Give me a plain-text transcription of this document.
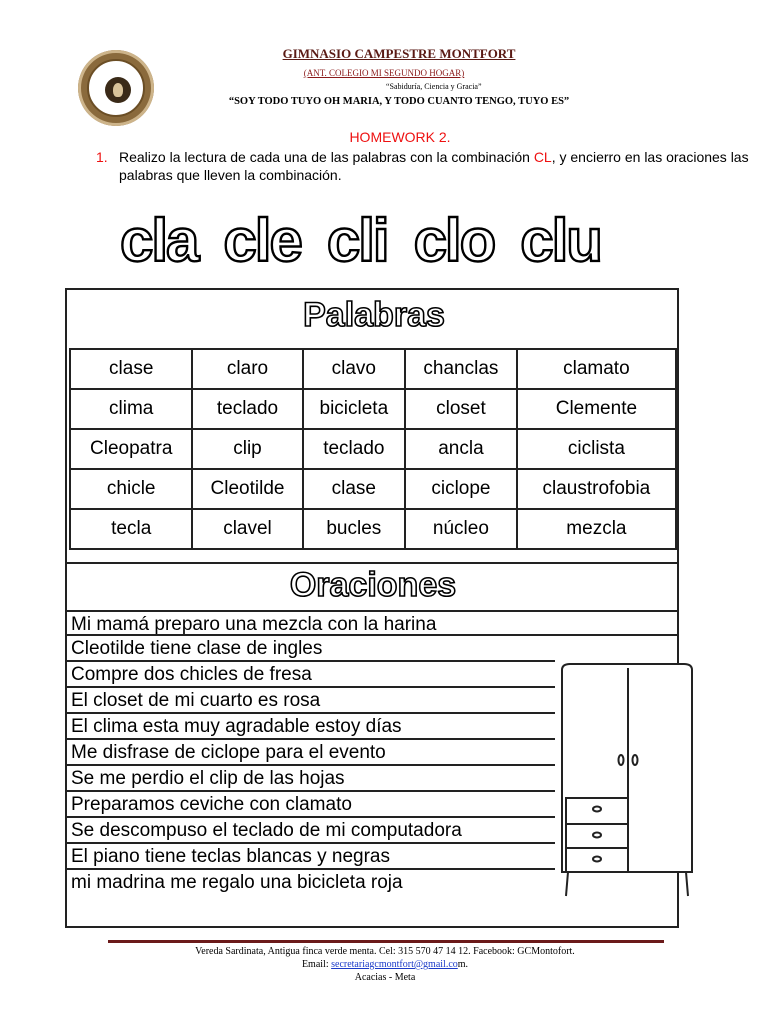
GIMNASIO CAMPESTRE MONTFORT
(ANT. COLEGIO MI SEGUNDO HOGAR)
“Sabiduría, Ciencia y Gracia”
“SOY TODO TUYO OH MARIA, Y TODO CUANTO TENGO, TUYO ES”
HOMEWORK 2.
1. Realizo la lectura de cada una de las palabras con la combinación CL, y encierro en las oraciones las palabras que lleven la combinación.
cla cle cli clo clu
Palabras
clase	claro	clavo	chanclas	clamato
clima	teclado	bicicleta	closet	Clemente
Cleopatra	clip	teclado	ancla	ciclista
chicle	Cleotilde	clase	ciclope	claustrofobia
tecla	clavel	bucles	núcleo	mezcla
Oraciones
Mi mamá preparo una mezcla con la harina
Cleotilde tiene clase de ingles
Compre dos chicles de fresa
El closet de mi cuarto es rosa
El clima esta muy agradable estoy días
Me disfrase de ciclope para el evento
Se me perdio el clip de las hojas
Preparamos ceviche con clamato
Se descompuso el teclado de mi computadora
El piano tiene teclas blancas y negras
mi madrina me regalo una bicicleta roja
Vereda Sardinata, Antigua finca verde menta. Cel: 315 570 47 14 12. Facebook: GCMontofort.
Email: secretariagcmontfort@gmail.com.
Acacias - Meta
